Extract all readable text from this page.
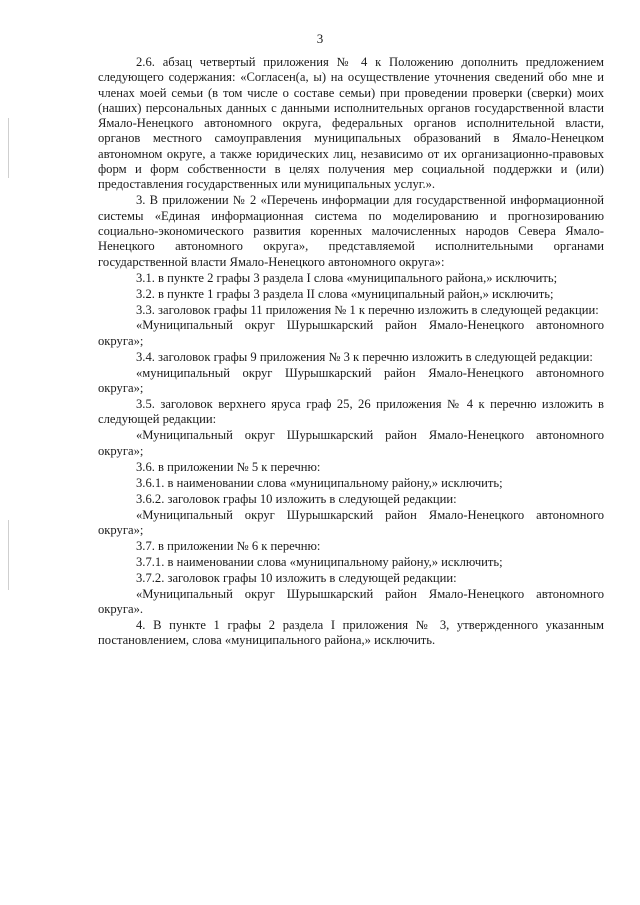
3

2.6. абзац четвертый приложения № 4 к Положению дополнить предложением следующего содержания: «Согласен(а, ы) на осуществление уточнения сведений обо мне и членах моей семьи (в том числе о составе семьи) при проведении проверки (сверки) моих (наших) персональных данных с данными исполнительных органов государственной власти Ямало-Ненецкого автономного округа, федеральных органов исполнительной власти, органов местного самоуправления муниципальных образований в Ямало-Ненецком автономном округе, а также юридических лиц, независимо от их организационно-правовых форм и форм собственности в целях получения мер социальной поддержки и (или) предоставления государственных или муниципальных услуг.».

3. В приложении № 2 «Перечень информации для государственной информационной системы «Единая информационная система по моделированию и прогнозированию социально-экономического развития коренных малочисленных народов Севера Ямало-Ненецкого автономного округа», представляемой исполнительными органами государственной власти Ямало-Ненецкого автономного округа»:

3.1. в пункте 2 графы 3 раздела I слова «муниципального района,» исключить;

3.2. в пункте 1 графы 3 раздела II слова «муниципальный район,» исключить;

3.3. заголовок графы 11 приложения № 1 к перечню изложить в следующей редакции:

«Муниципальный округ Шурышкарский район Ямало-Ненецкого автономного округа»;

3.4. заголовок графы 9 приложения № 3 к перечню изложить в следующей редакции:

«муниципальный округ Шурышкарский район Ямало-Ненецкого автономного округа»;

3.5. заголовок верхнего яруса граф 25, 26 приложения № 4 к перечню изложить в следующей редакции:

«Муниципальный округ Шурышкарский район Ямало-Ненецкого автономного округа»;

3.6. в приложении № 5 к перечню:

3.6.1. в наименовании слова «муниципальному району,» исключить;

3.6.2. заголовок графы 10 изложить в следующей редакции:

«Муниципальный округ Шурышкарский район Ямало-Ненецкого автономного округа»;

3.7. в приложении № 6 к перечню:

3.7.1. в наименовании слова «муниципальному району,» исключить;

3.7.2. заголовок графы 10 изложить в следующей редакции:

«Муниципальный округ Шурышкарский район Ямало-Ненецкого автономного округа».

4. В пункте 1 графы 2 раздела I приложения № 3, утвержденного указанным постановлением, слова «муниципального района,» исключить.
